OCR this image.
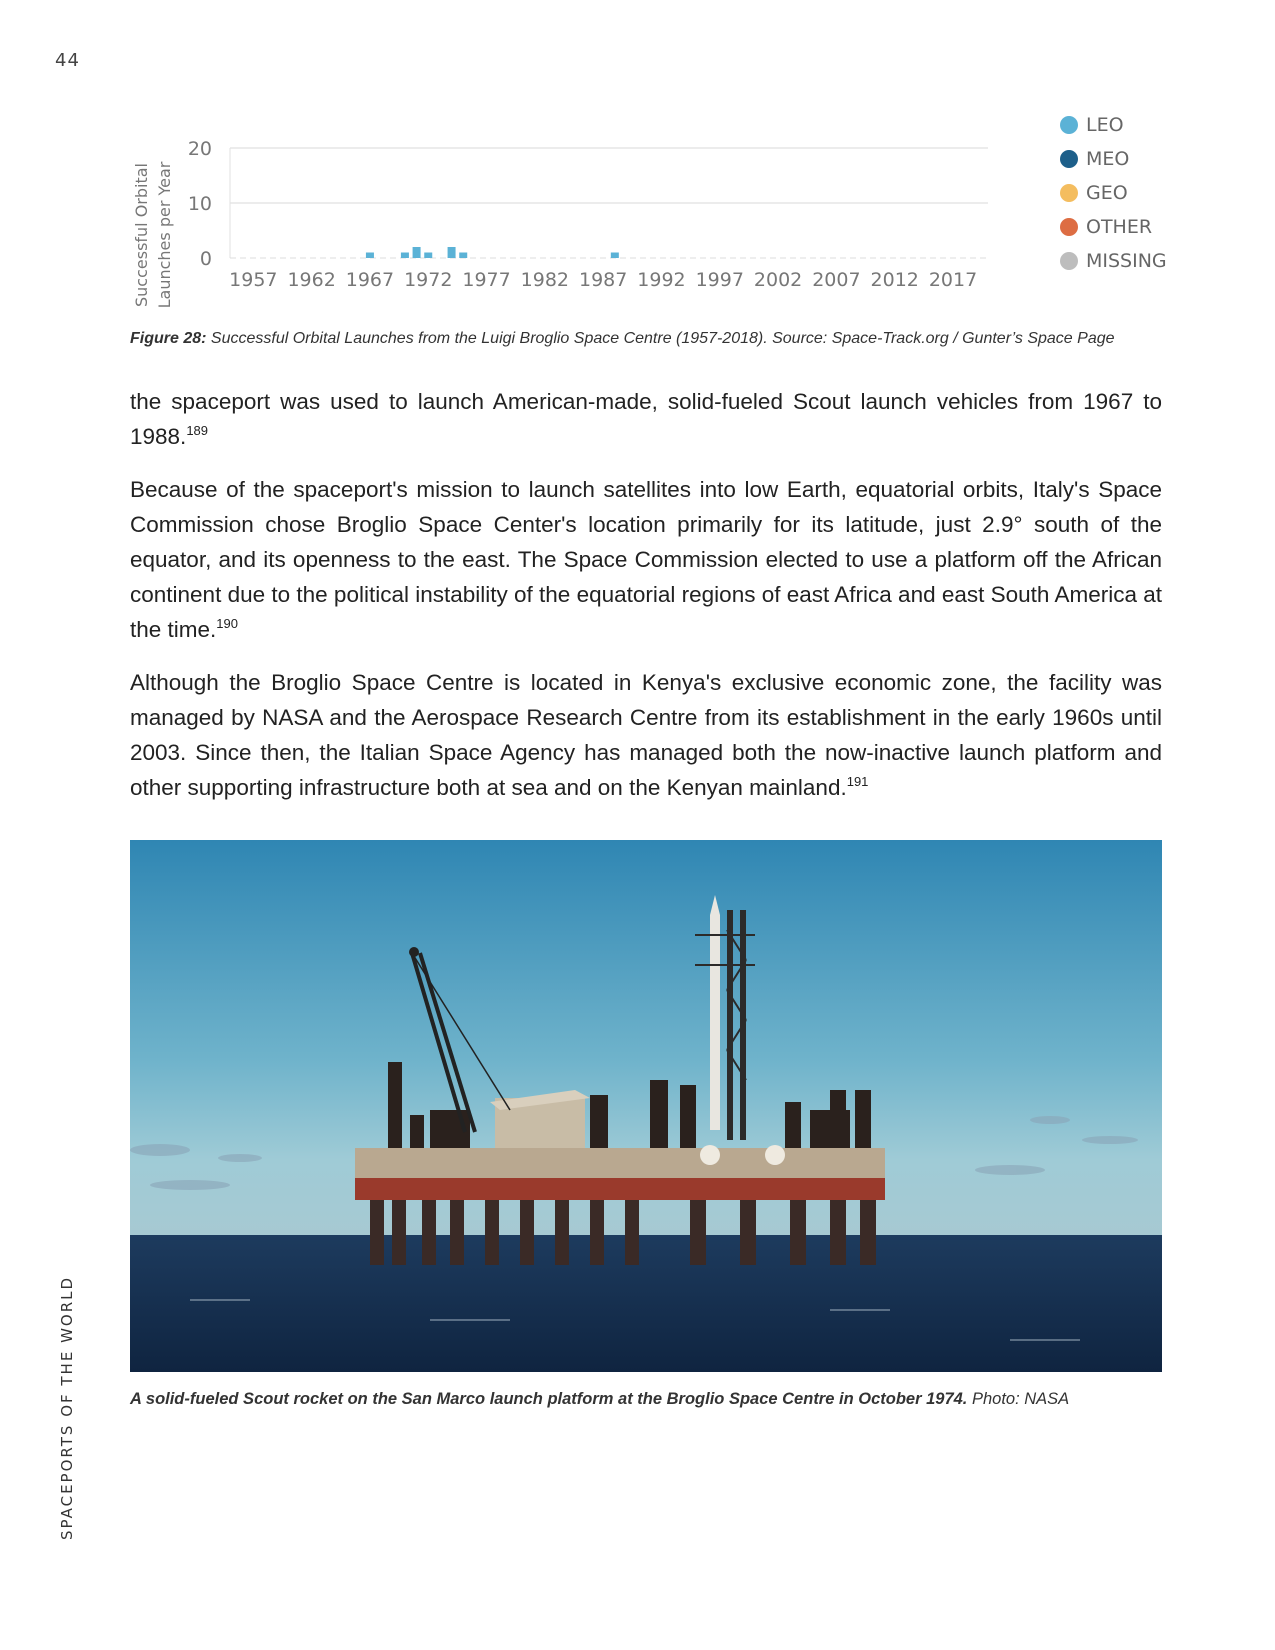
44
SPACEPORTS OF THE WORLD
Successful Orbital Launches per Year 0
10
20
1957 1962 1967 1972 1977 1982 1987 1992 1997 2002 2007 2012 2017
LEO
MEO
GEO
OTHER
MISSING
Figure 28: Successful Orbital Launches from the Luigi Broglio Space Centre (1957-2018). Source: Space-Track.org / Gunter’s Space Page

the spaceport was used to launch American-made, solid-fueled Scout launch vehicles from 1967 to 1988.$^{189}$

Because of the spaceport's mission to launch satellites into low Earth, equatorial orbits, Italy's Space Commission chose Broglio Space Center's location primarily for its latitude, just 2.9° south of the equator, and its openness to the east. The Space Commission elected to use a platform off the African continent due to the political instability of the equatorial regions of east Africa and east South America at the time.$^{190}$

Although the Broglio Space Centre is located in Kenya's exclusive economic zone, the facility was managed by NASA and the Aerospace Research Centre from its establishment in the early 1960s until 2003. Since then, the Italian Space Agency has managed both the now-inactive launch platform and other supporting infrastructure both at sea and on the Kenyan mainland.$^{191}$

A solid-fueled Scout rocket on the San Marco launch platform at the Broglio Space Centre in October 1974. Photo: NASA
